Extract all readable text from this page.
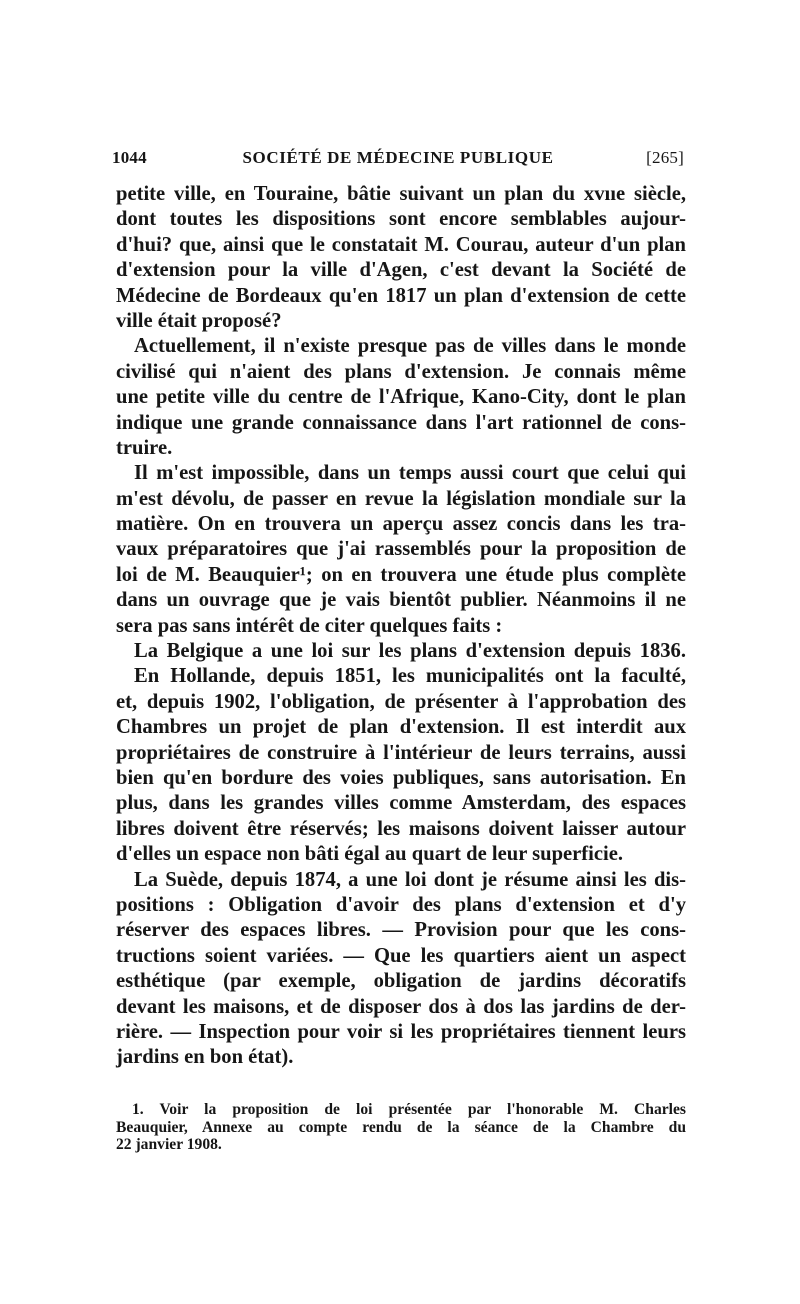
1044	SOCIÉTÉ DE MÉDECINE PUBLIQUE	[265]
petite ville, en Touraine, bâtie suivant un plan du xvııe siècle,
dont toutes les dispositions sont encore semblables aujour-
d'hui? que, ainsi que le constatait M. Courau, auteur d'un plan
d'extension pour la ville d'Agen, c'est devant la Société de
Médecine de Bordeaux qu'en 1817 un plan d'extension de cette
ville était proposé?
Actuellement, il n'existe presque pas de villes dans le monde
civilisé qui n'aient des plans d'extension. Je connais même
une petite ville du centre de l'Afrique, Kano-City, dont le plan
indique une grande connaissance dans l'art rationnel de cons-
truire.
Il m'est impossible, dans un temps aussi court que celui qui
m'est dévolu, de passer en revue la législation mondiale sur la
matière. On en trouvera un aperçu assez concis dans les tra-
vaux préparatoires que j'ai rassemblés pour la proposition de
loi de M. Beauquier¹; on en trouvera une étude plus complète
dans un ouvrage que je vais bientôt publier. Néanmoins il ne
sera pas sans intérêt de citer quelques faits :
La Belgique a une loi sur les plans d'extension depuis 1836.
En Hollande, depuis 1851, les municipalités ont la faculté,
et, depuis 1902, l'obligation, de présenter à l'approbation des
Chambres un projet de plan d'extension. Il est interdit aux
propriétaires de construire à l'intérieur de leurs terrains, aussi
bien qu'en bordure des voies publiques, sans autorisation. En
plus, dans les grandes villes comme Amsterdam, des espaces
libres doivent être réservés; les maisons doivent laisser autour
d'elles un espace non bâti égal au quart de leur superficie.
La Suède, depuis 1874, a une loi dont je résume ainsi les dis-
positions : Obligation d'avoir des plans d'extension et d'y
réserver des espaces libres. — Provision pour que les cons-
tructions soient variées. — Que les quartiers aient un aspect
esthétique (par exemple, obligation de jardins décoratifs
devant les maisons, et de disposer dos à dos las jardins de der-
rière. — Inspection pour voir si les propriétaires tiennent leurs
jardins en bon état).
1. Voir la proposition de loi présentée par l'honorable M. Charles
Beauquier, Annexe au compte rendu de la séance de la Chambre du
22 janvier 1908.
